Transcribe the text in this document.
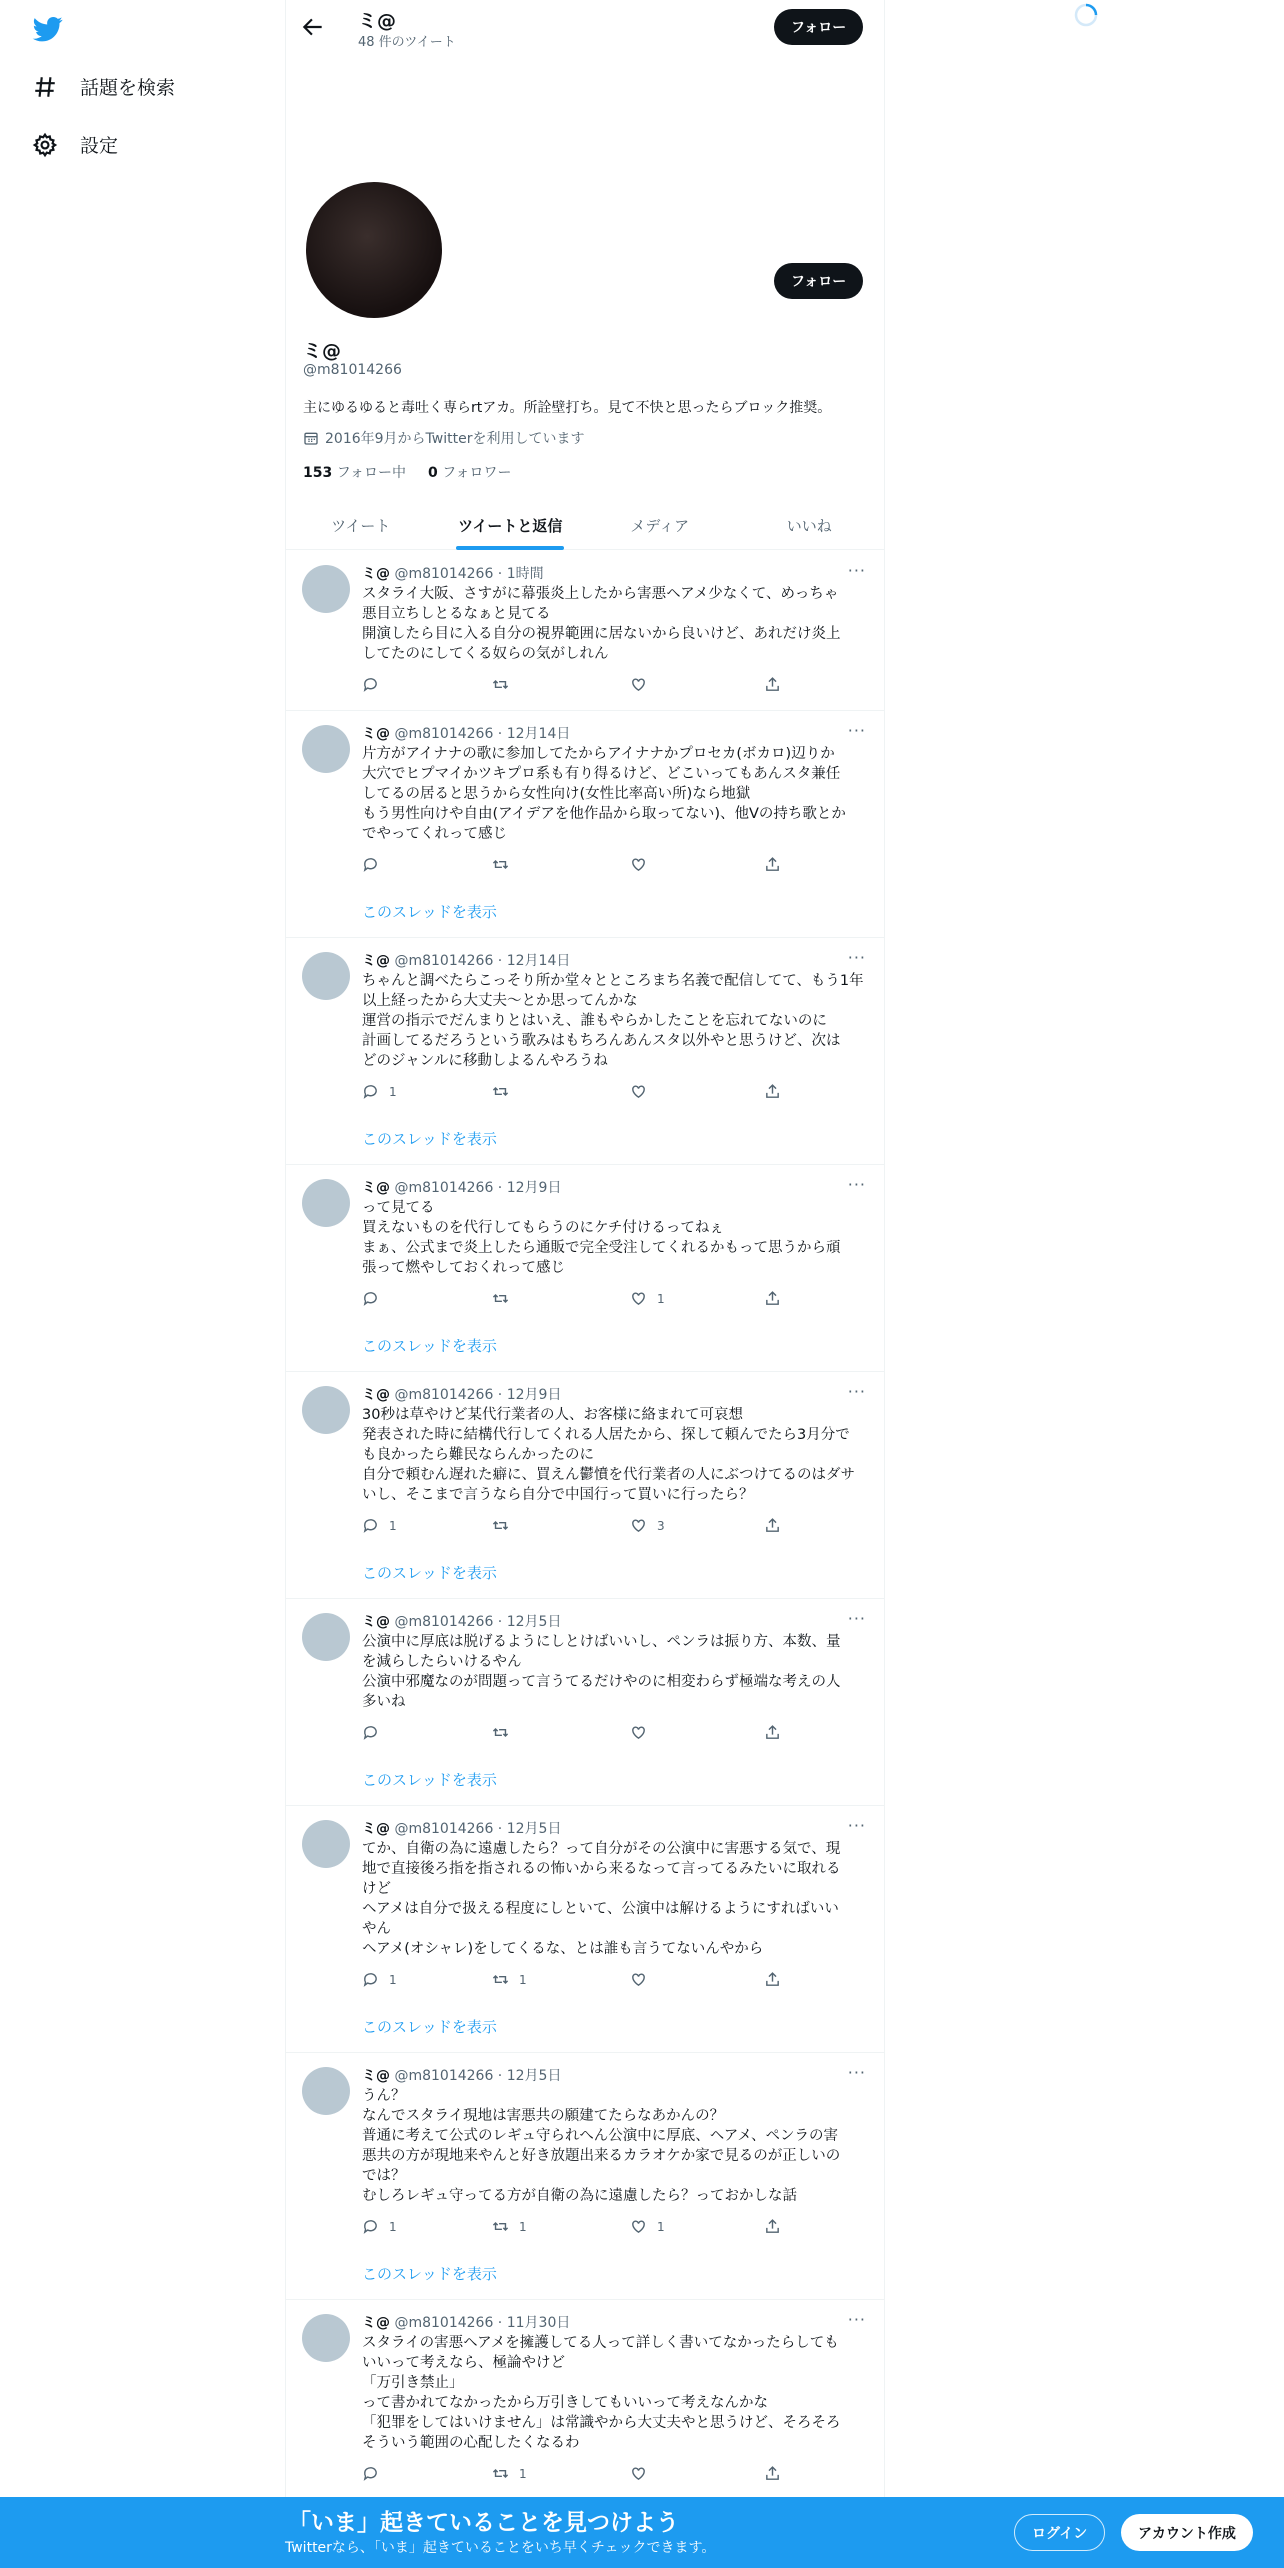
話題を検索
設定
ミ@
48 件のツイート
フォロー
フォロー
ミ@
@m81014266
主にゆるゆると毒吐く専らrtアカ。所詮壁打ち。見て不快と思ったらブロック推奨。
2016年9月からTwitterを利用しています
153 フォロー中 0 フォロワー
ツイート	ツイートと返信	メディア	いいね
ミ@ @m81014266 · 1時間	···
スタライ大阪、さすがに幕張炎上したから害悪ヘアメ少なくて、めっちゃ
悪目立ちしとるなぁと見てる
開演したら目に入る自分の視界範囲に居ないから良いけど、あれだけ炎上
してたのにしてくる奴らの気がしれん
ミ@ @m81014266 · 12月14日	···
片方がアイナナの歌に参加してたからアイナナかプロセカ(ボカロ)辺りか
大穴でヒプマイかツキプロ系も有り得るけど、どこいってもあんスタ兼任
してるの居ると思うから女性向け(女性比率高い所)なら地獄
もう男性向けや自由(アイデアを他作品から取ってない)、他Vの持ち歌とか
でやってくれって感じ
このスレッドを表示
ミ@ @m81014266 · 12月14日	···
ちゃんと調べたらこっそり所か堂々とところまち名義で配信してて、もう1年
以上経ったから大丈夫〜とか思ってんかな
運営の指示でだんまりとはいえ、誰もやらかしたことを忘れてないのに
計画してるだろうという歌みはもちろんあんスタ以外やと思うけど、次は
どのジャンルに移動しよるんやろうね
1
このスレッドを表示
ミ@ @m81014266 · 12月9日	···
って見てる
買えないものを代行してもらうのにケチ付けるってねぇ
まぁ、公式まで炎上したら通販で完全受注してくれるかもって思うから頑
張って燃やしておくれって感じ
1
このスレッドを表示
ミ@ @m81014266 · 12月9日	···
30秒は草やけど某代行業者の人、お客様に絡まれて可哀想
発表された時に結構代行してくれる人居たから、探して頼んでたら3月分で
も良かったら難民ならんかったのに
自分で頼むん遅れた癖に、買えん鬱憤を代行業者の人にぶつけてるのはダサ
いし、そこまで言うなら自分で中国行って買いに行ったら？
1	3
このスレッドを表示
ミ@ @m81014266 · 12月5日	···
公演中に厚底は脱げるようにしとけばいいし、ペンラは振り方、本数、量
を減らしたらいけるやん
公演中邪魔なのが問題って言うてるだけやのに相変わらず極端な考えの人
多いね
このスレッドを表示
ミ@ @m81014266 · 12月5日	···
てか、自衛の為に遠慮したら？って自分がその公演中に害悪する気で、現
地で直接後ろ指を指されるの怖いから来るなって言ってるみたいに取れる
けど
ヘアメは自分で扱える程度にしといて、公演中は解けるようにすればいい
やん
ヘアメ(オシャレ)をしてくるな、とは誰も言うてないんやから
1	1
このスレッドを表示
ミ@ @m81014266 · 12月5日	···
うん？
なんでスタライ現地は害悪共の願建てたらなあかんの？
普通に考えて公式のレギュ守られへん公演中に厚底、ヘアメ、ペンラの害
悪共の方が現地来やんと好き放題出来るカラオケか家で見るのが正しいの
では？
むしろレギュ守ってる方が自衛の為に遠慮したら？っておかしな話
1	1	1
このスレッドを表示
ミ@ @m81014266 · 11月30日	···
スタライの害悪ヘアメを擁護してる人って詳しく書いてなかったらしても
いいって考えなら、極論やけど
「万引き禁止」
って書かれてなかったから万引きしてもいいって考えなんかな
「犯罪をしてはいけません」は常識やから大丈夫やと思うけど、そろそろ
そういう範囲の心配したくなるわ
1
「いま」起きていることを見つけよう
Twitterなら、「いま」起きていることをいち早くチェックできます。
ログイン	アカウント作成
